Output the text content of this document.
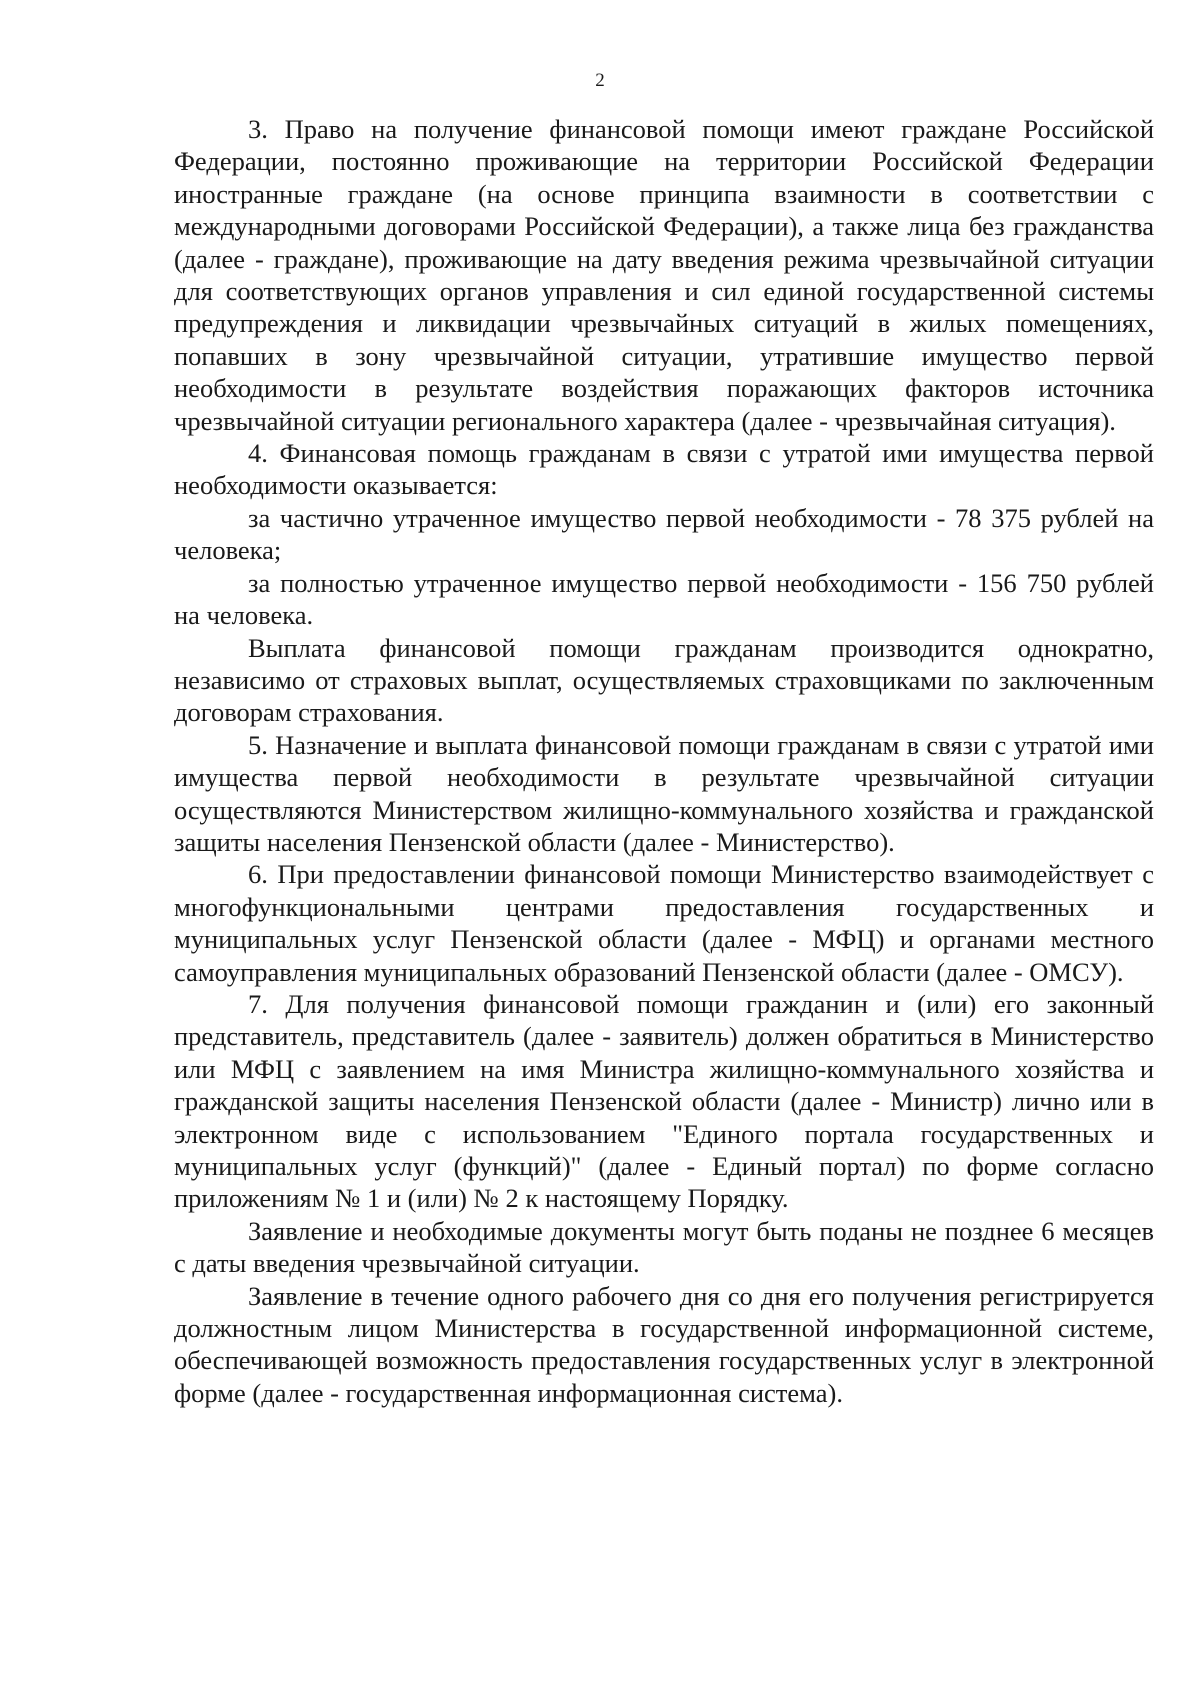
2

3. Право на получение финансовой помощи имеют граждане Российской Федерации, постоянно проживающие на территории Российской Федерации иностранные граждане (на основе принципа взаимности в соответствии с международными договорами Российской Федерации), а также лица без гражданства (далее - граждане), проживающие на дату введения режима чрезвычайной ситуации для соответствующих органов управления и сил единой государственной системы предупреждения и ликвидации чрезвычайных ситуаций в жилых помещениях, попавших в зону чрезвычайной ситуации, утратившие имущество первой необходимости в результате воздействия поражающих факторов источника чрезвычайной ситуации регионального характера (далее - чрезвычайная ситуация).

4. Финансовая помощь гражданам в связи с утратой ими имущества первой необходимости оказывается:

за частично утраченное имущество первой необходимости - 78 375 рублей на человека;

за полностью утраченное имущество первой необходимости - 156 750 рублей на человека.

Выплата финансовой помощи гражданам производится однократно, независимо от страховых выплат, осуществляемых страховщиками по заключенным договорам страхования.

5. Назначение и выплата финансовой помощи гражданам в связи с утратой ими имущества первой необходимости в результате чрезвычайной ситуации осуществляются Министерством жилищно-коммунального хозяйства и гражданской защиты населения Пензенской области (далее - Министерство).

6. При предоставлении финансовой помощи Министерство взаимодействует с многофункциональными центрами предоставления государственных и муниципальных услуг Пензенской области (далее - МФЦ) и органами местного самоуправления муниципальных образований Пензенской области (далее - ОМСУ).

7. Для получения финансовой помощи гражданин и (или) его законный представитель, представитель (далее - заявитель) должен обратиться в Министерство или МФЦ с заявлением на имя Министра жилищно-коммунального хозяйства и гражданской защиты населения Пензенской области (далее - Министр) лично или в электронном виде с использованием "Единого портала государственных и муниципальных услуг (функций)" (далее - Единый портал) по форме согласно приложениям № 1 и (или) № 2 к настоящему Порядку.

Заявление и необходимые документы могут быть поданы не позднее 6 месяцев с даты введения чрезвычайной ситуации.

Заявление в течение одного рабочего дня со дня его получения регистрируется должностным лицом Министерства в государственной информационной системе, обеспечивающей возможность предоставления государственных услуг в электронной форме (далее - государственная информационная система).
